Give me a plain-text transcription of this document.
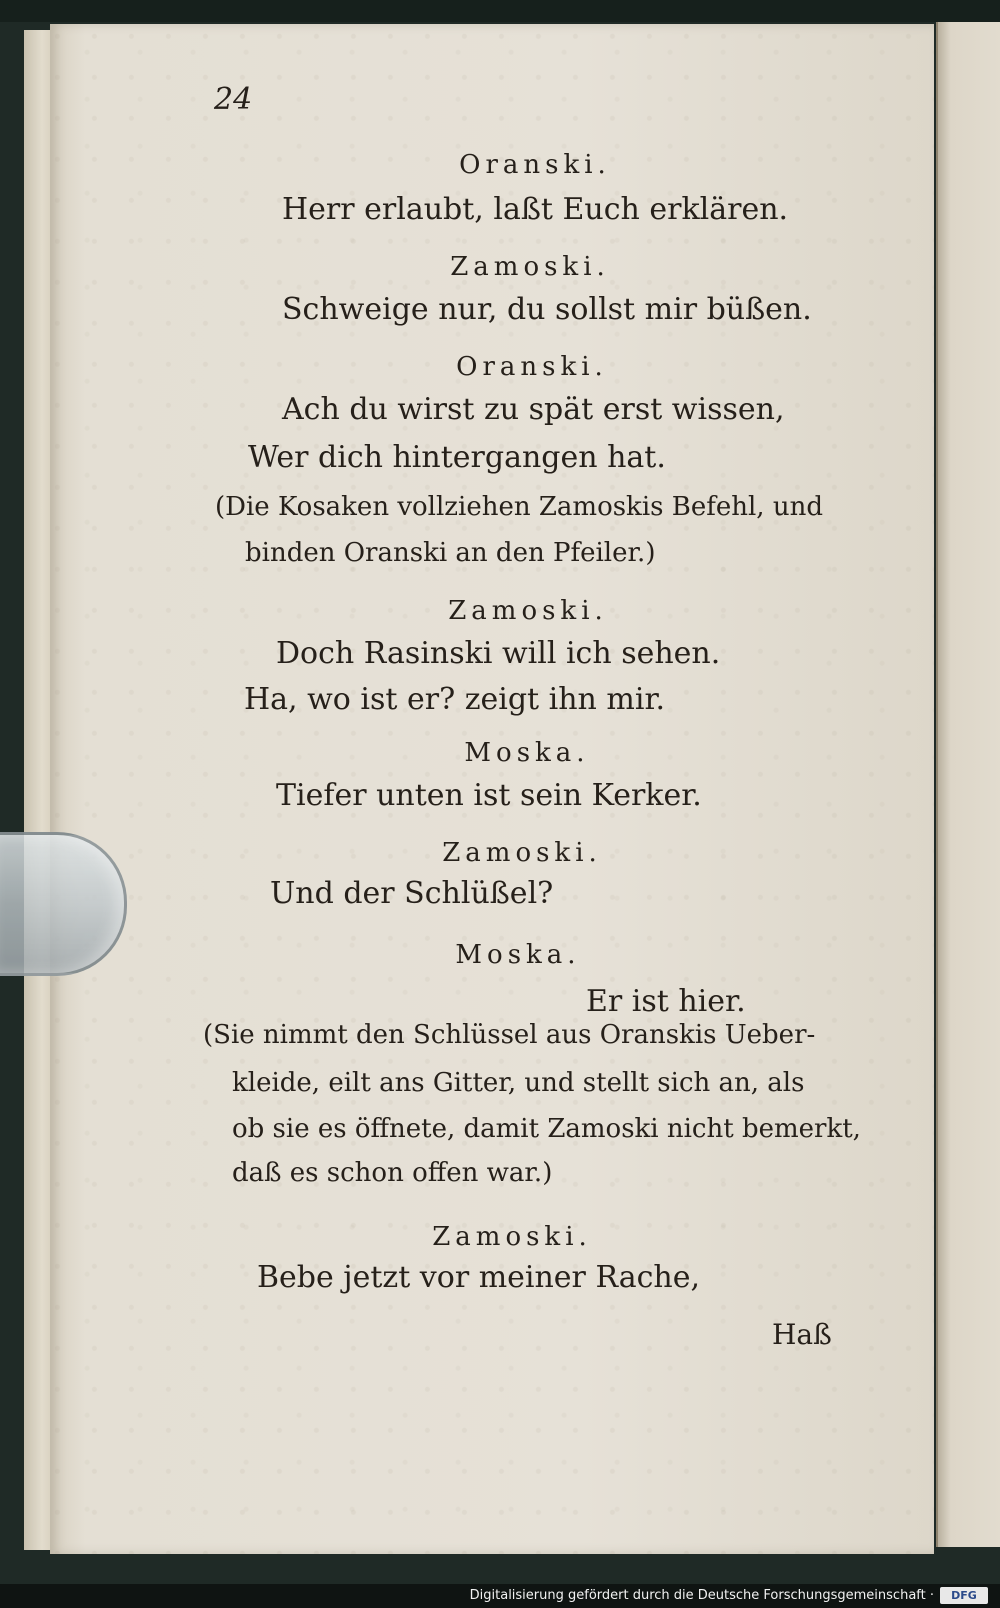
24
Oranski.
Herr erlaubt, laßt Euch erklären.
Zamoski.
Schweige nur, du sollst mir büßen.
Oranski.
Ach du wirst zu spät erst wissen,
Wer dich hintergangen hat.
(Die Kosaken vollziehen Zamoskis Befehl, und
binden Oranski an den Pfeiler.)
Zamoski.
Doch Rasinski will ich sehen.
Ha, wo ist er? zeigt ihn mir.
Moska.
Tiefer unten ist sein Kerker.
Zamoski.
Und der Schlüßel?
Moska.
Er ist hier.
(Sie nimmt den Schlüssel aus Oranskis Ueber-
kleide, eilt ans Gitter, und stellt sich an, als
ob sie es öffnete, damit Zamoski nicht bemerkt,
daß es schon offen war.)
Zamoski.
Bebe jetzt vor meiner Rache,
Haß
Digitalisierung gefördert durch die Deutsche Forschungsgemeinschaft ·	DFG
